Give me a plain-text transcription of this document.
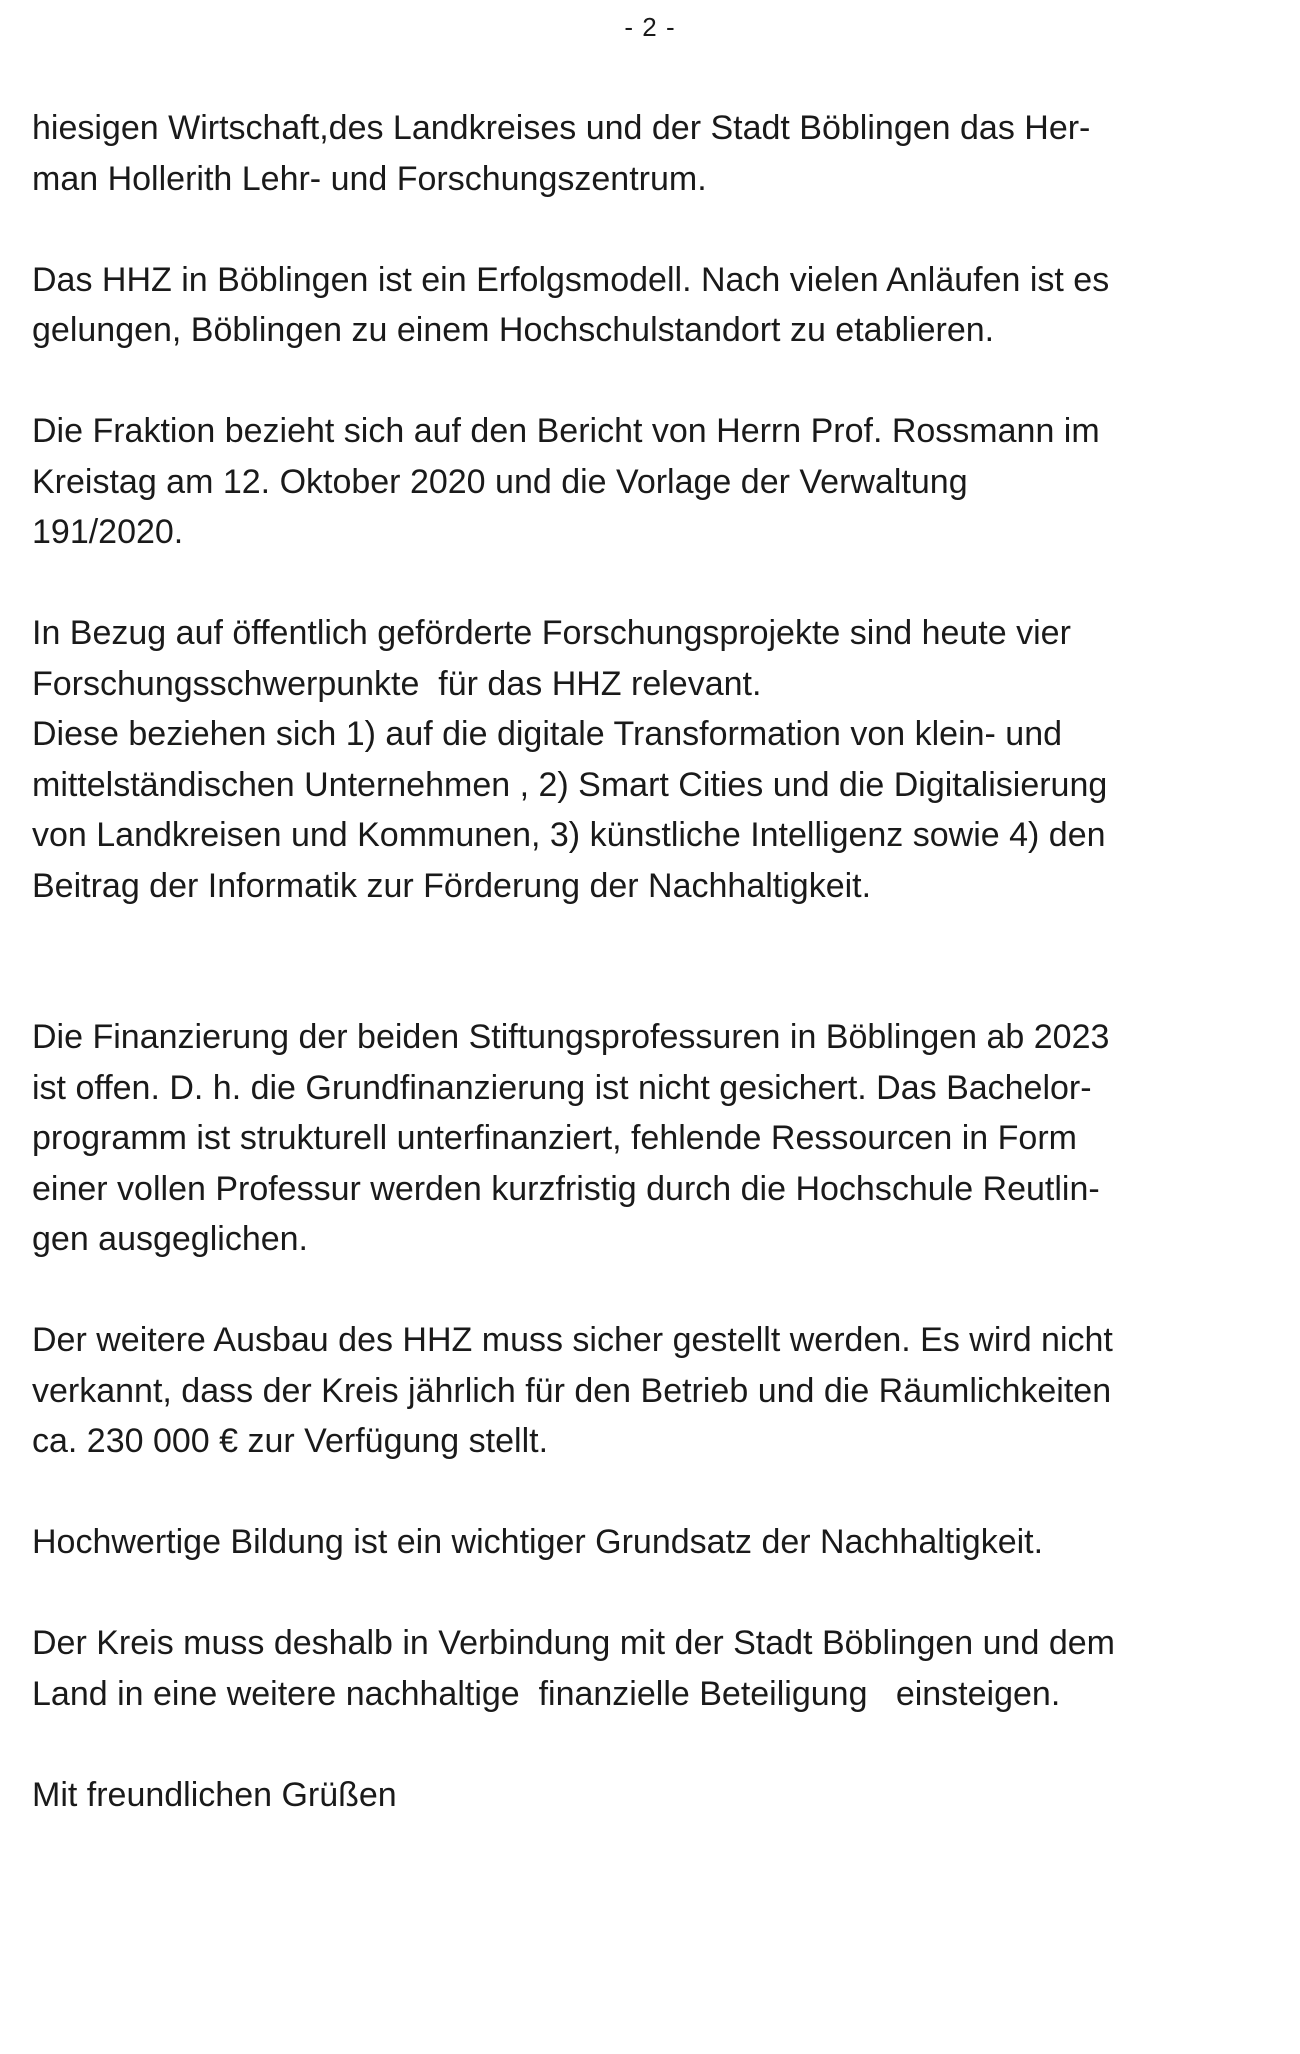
- 2 -

hiesigen Wirtschaft,des Landkreises und der Stadt Böblingen das Her-
man Hollerith Lehr- und Forschungszentrum.

Das HHZ in Böblingen ist ein Erfolgsmodell. Nach vielen Anläufen ist es
gelungen, Böblingen zu einem Hochschulstandort zu etablieren.

Die Fraktion bezieht sich auf den Bericht von Herrn Prof. Rossmann im
Kreistag am 12. Oktober 2020 und die Vorlage der Verwaltung
191/2020.

In Bezug auf öffentlich geförderte Forschungsprojekte sind heute vier
Forschungsschwerpunkte  für das HHZ relevant.
Diese beziehen sich 1) auf die digitale Transformation von klein- und
mittelständischen Unternehmen , 2) Smart Cities und die Digitalisierung
von Landkreisen und Kommunen, 3) künstliche Intelligenz sowie 4) den
Beitrag der Informatik zur Förderung der Nachhaltigkeit.

Die Finanzierung der beiden Stiftungsprofessuren in Böblingen ab 2023
ist offen. D. h. die Grundfinanzierung ist nicht gesichert. Das Bachelor-
programm ist strukturell unterfinanziert, fehlende Ressourcen in Form
einer vollen Professur werden kurzfristig durch die Hochschule Reutlin-
gen ausgeglichen.

Der weitere Ausbau des HHZ muss sicher gestellt werden. Es wird nicht
verkannt, dass der Kreis jährlich für den Betrieb und die Räumlichkeiten
ca. 230 000 € zur Verfügung stellt.

Hochwertige Bildung ist ein wichtiger Grundsatz der Nachhaltigkeit.

Der Kreis muss deshalb in Verbindung mit der Stadt Böblingen und dem
Land in eine weitere nachhaltige  finanzielle Beteiligung   einsteigen.

Mit freundlichen Grüßen
